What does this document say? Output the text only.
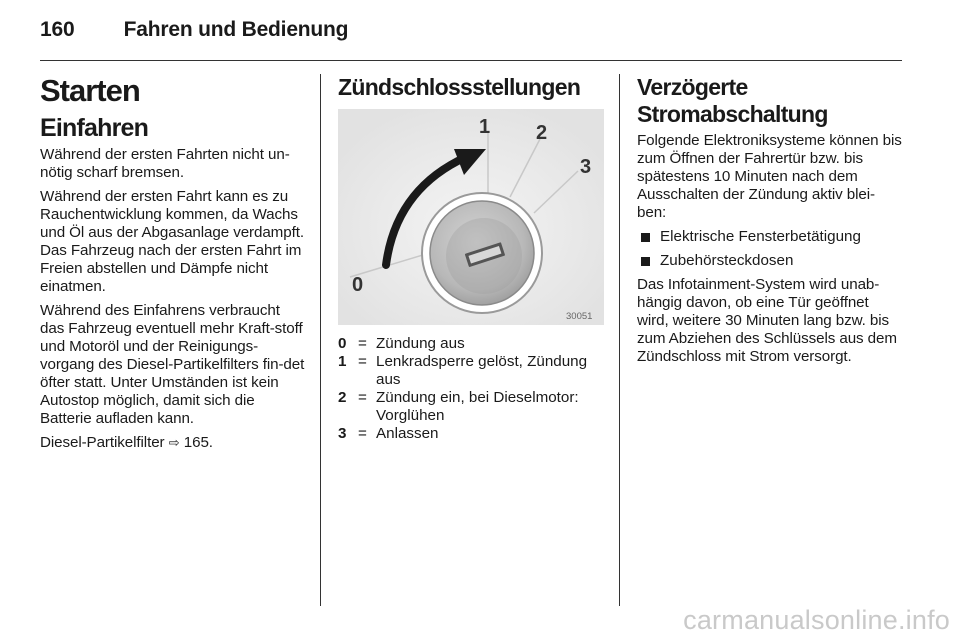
160 Fahren und Bedienung
Starten
Einfahren

Während der ersten Fahrten nicht un-nötig scharf bremsen.

Während der ersten Fahrt kann es zu Rauchentwicklung kommen, da Wachs und Öl aus der Abgasanlage verdampft. Das Fahrzeug nach der ersten Fahrt im Freien abstellen und Dämpfe nicht einatmen.

Während des Einfahrens verbraucht das Fahrzeug eventuell mehr Kraft-stoff und Motoröl und der Reinigungs-vorgang des Diesel-Partikelfilters fin-det öfter statt. Unter Umständen ist kein Autostop möglich, damit sich die Batterie aufladen kann.

Diesel-Partikelfilter ⇨ 165.

Zündschlossstellungen
0
1 2
3
30051
0 = Zündung aus
1 = Lenkradsperre gelöst, Zündung aus
2 = Zündung ein, bei Dieselmotor: Vorglühen
3 = Anlassen
Verzögerte
Stromabschaltung

Folgende Elektroniksysteme können bis zum Öffnen der Fahrertür bzw. bis spätestens 10 Minuten nach dem Ausschalten der Zündung aktiv blei-ben:

Elektrische Fensterbetätigung
Zubehörsteckdosen

Das Infotainment-System wird unab-hängig davon, ob eine Tür geöffnet wird, weitere 30 Minuten lang bzw. bis zum Abziehen des Schlüssels aus dem Zündschloss mit Strom versorgt.

carmanualsonline.info
